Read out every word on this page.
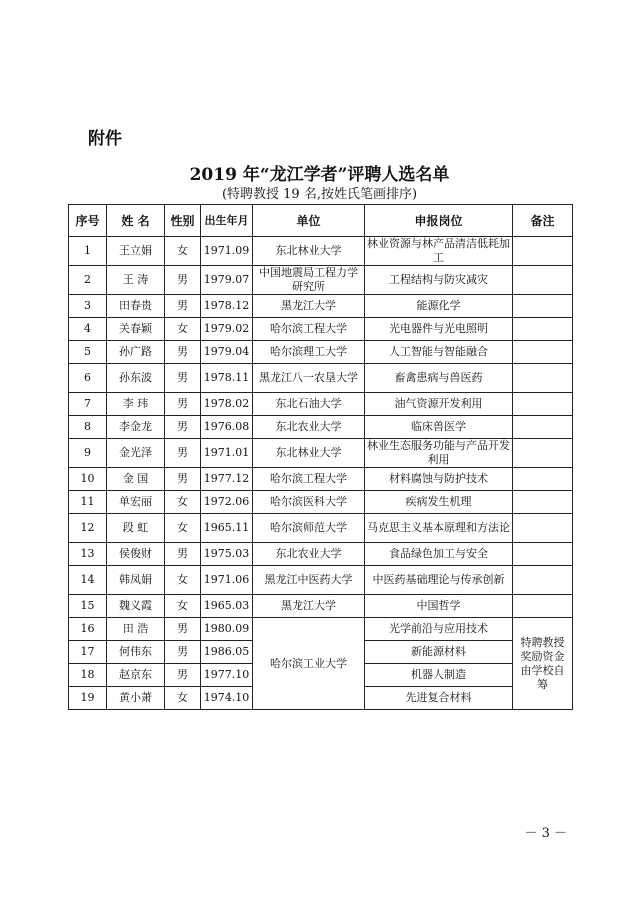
附件
2019 年“龙江学者”评聘人选名单
(特聘教授 19 名,按姓氏笔画排序)
序号	姓 名	性别	出生年月	单位	申报岗位	备注
1	王立娟	女	1971.09	东北林业大学	林业资源与林产品清洁低耗加工	
2	王 涛	男	1979.07	中国地震局工程力学研究所	工程结构与防灾减灾	
3	田春贵	男	1978.12	黑龙江大学	能源化学	
4	关春颖	女	1979.02	哈尔滨工程大学	光电器件与光电照明	
5	孙广路	男	1979.04	哈尔滨理工大学	人工智能与智能融合	
6	孙东波	男	1978.11	黑龙江八一农垦大学	畜禽患病与兽医药	
7	李 玮	男	1978.02	东北石油大学	油气资源开发利用	
8	李金龙	男	1976.08	东北农业大学	临床兽医学	
9	金光泽	男	1971.01	东北林业大学	林业生态服务功能与产品开发利用	
10	金 国	男	1977.12	哈尔滨工程大学	材料腐蚀与防护技术	
11	单宏丽	女	1972.06	哈尔滨医科大学	疾病发生机理	
12	段 虹	女	1965.11	哈尔滨师范大学	马克思主义基本原理和方法论	
13	侯俊财	男	1975.03	东北农业大学	食品绿色加工与安全	
14	韩凤娟	女	1971.06	黑龙江中医药大学	中医药基础理论与传承创新	
15	魏义霞	女	1965.03	黑龙江大学	中国哲学	
16	田 浩	男	1980.09	哈尔滨工业大学	光学前沿与应用技术	特聘教授奖励资金由学校自筹
17	何伟东	男	1986.05		新能源材料	
18	赵京东	男	1977.10		机器人制造	
19	黄小萧	女	1974.10		先进复合材料	
－ 3 －
